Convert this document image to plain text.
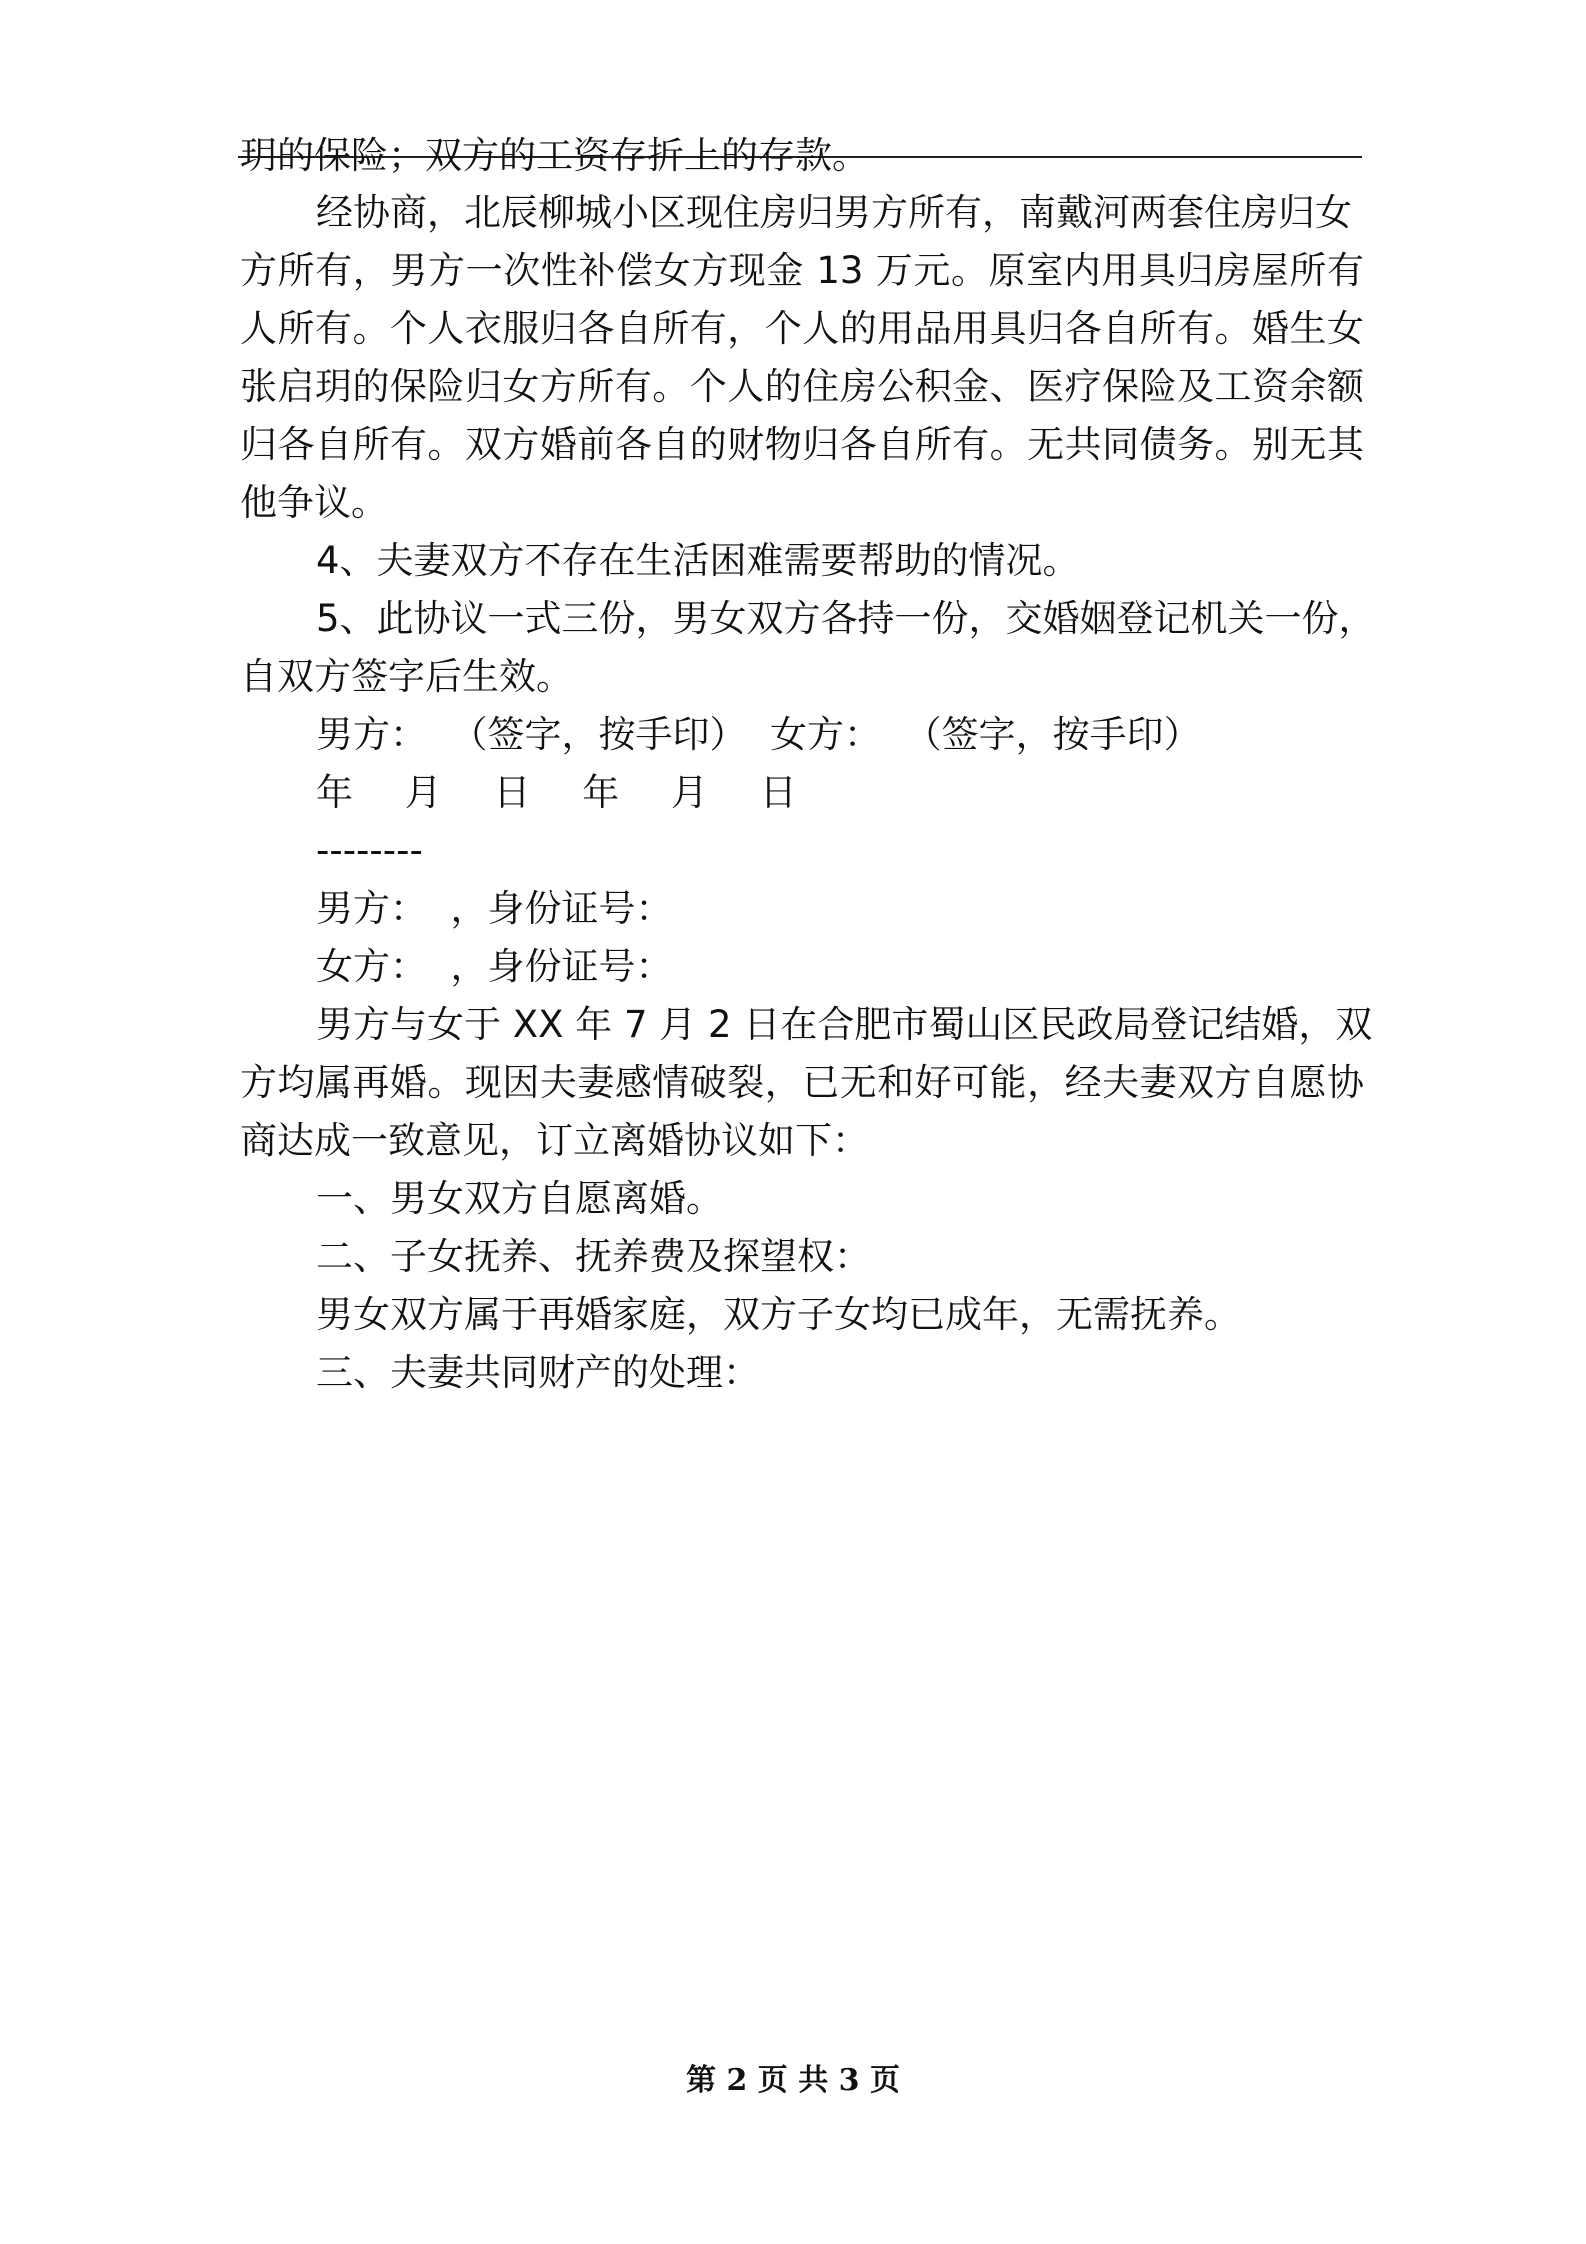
玥的保险；双方的工资存折上的存款。
经协商，北辰柳城小区现住房归男方所有，南戴河两套住房归女
方所有，男方一次性补偿女方现金 13 万元。原室内用具归房屋所有
人所有。个人衣服归各自所有，个人的用品用具归各自所有。婚生女
张启玥的保险归女方所有。个人的住房公积金、医疗保险及工资余额
归各自所有。双方婚前各自的财物归各自所有。无共同债务。别无其
他争议。
4、夫妻双方不存在生活困难需要帮助的情况。
5、此协议一式三份，男女双方各持一份，交婚姻登记机关一份，
自双方签字后生效。
男方：  （签字，按手印）  女方：  （签字，按手印）
年 月 日 年 月 日
--------
男方：  ，身份证号：
女方：  ，身份证号：
男方与女于 XX 年 7 月 2 日在合肥市蜀山区民政局登记结婚，双
方均属再婚。现因夫妻感情破裂，已无和好可能，经夫妻双方自愿协
商达成一致意见，订立离婚协议如下：
一、男女双方自愿离婚。
二、子女抚养、抚养费及探望权：
男女双方属于再婚家庭，双方子女均已成年，无需抚养。
三、夫妻共同财产的处理：
第 2 页 共 3 页
